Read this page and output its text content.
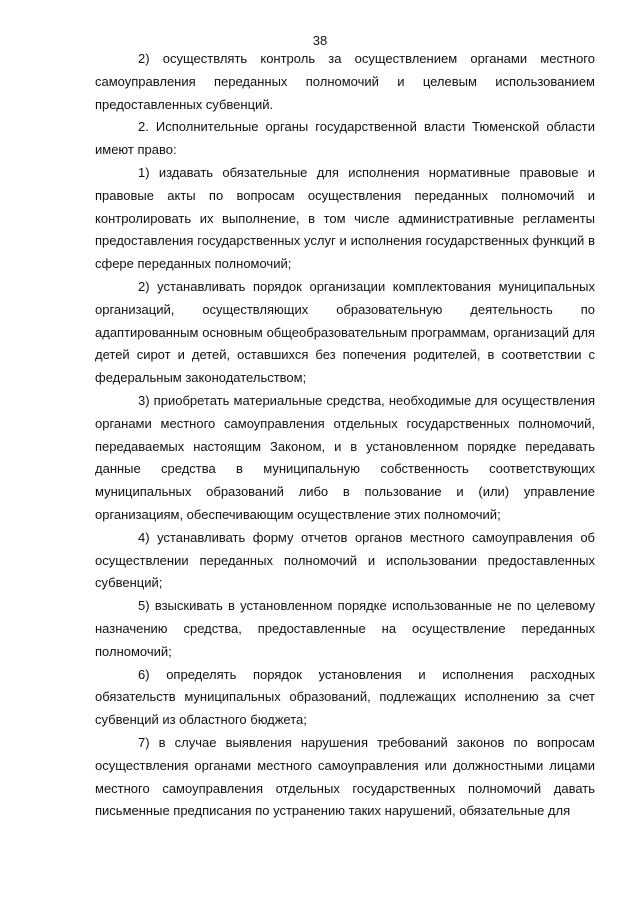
38

2) осуществлять контроль за осуществлением органами местного самоуправления переданных полномочий и целевым использованием предоставленных субвенций.

2. Исполнительные органы государственной власти Тюменской области имеют право:

1) издавать обязательные для исполнения нормативные правовые и правовые акты по вопросам осуществления переданных полномочий и контролировать их выполнение, в том числе административные регламенты предоставления государственных услуг и исполнения государственных функций в сфере переданных полномочий;

2) устанавливать порядок организации комплектования муниципальных организаций, осуществляющих образовательную деятельность по адаптированным основным общеобразовательным программам, организаций для детей сирот и детей, оставшихся без попечения родителей, в соответствии с федеральным законодательством;

3) приобретать материальные средства, необходимые для осуществления органами местного самоуправления отдельных государственных полномочий, передаваемых настоящим Законом, и в установленном порядке передавать данные средства в муниципальную собственность соответствующих муниципальных образований либо в пользование и (или) управление организациям, обеспечивающим осуществление этих полномочий;

4) устанавливать форму отчетов органов местного самоуправления об осуществлении переданных полномочий и использовании предоставленных субвенций;

5) взыскивать в установленном порядке использованные не по целевому назначению средства, предоставленные на осуществление переданных полномочий;

6) определять порядок установления и исполнения расходных обязательств муниципальных образований, подлежащих исполнению за счет субвенций из областного бюджета;

7) в случае выявления нарушения требований законов по вопросам осуществления органами местного самоуправления или должностными лицами местного самоуправления отдельных государственных полномочий давать письменные предписания по устранению таких нарушений, обязательные для
